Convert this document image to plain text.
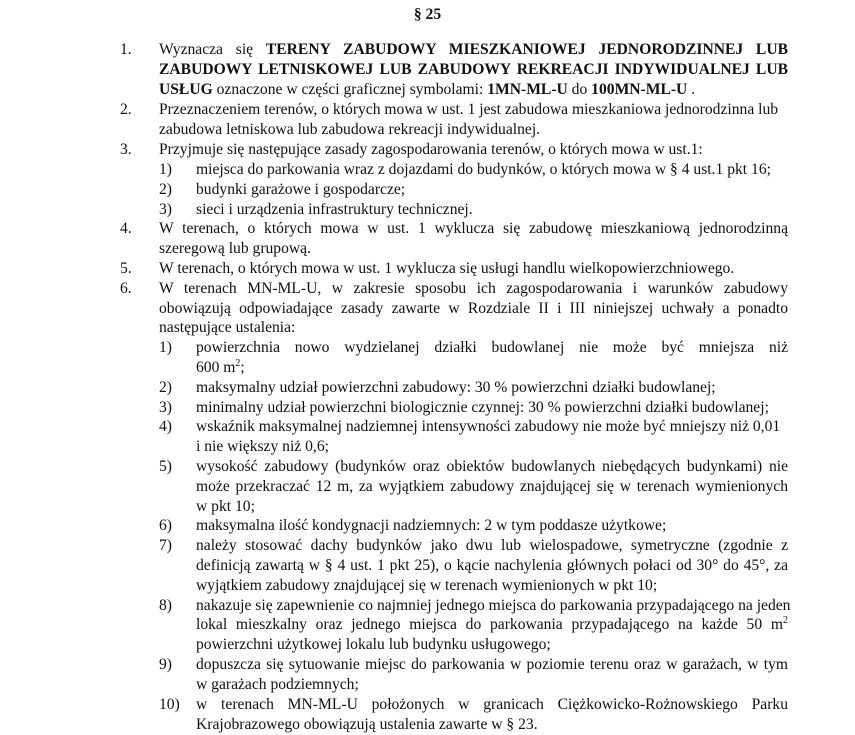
§ 25
1. Wyznacza się TERENY ZABUDOWY MIESZKANIOWEJ JEDNORODZINNEJ LUB
ZABUDOWY LETNISKOWEJ LUB ZABUDOWY REKREACJI INDYWIDUALNEJ LUB
USŁUG oznaczone w części graficznej symbolami: 1MN-ML-U do 100MN-ML-U .
2. Przeznaczeniem terenów, o których mowa w ust. 1 jest zabudowa mieszkaniowa jednorodzinna lub
zabudowa letniskowa lub zabudowa rekreacji indywidualnej.
3. Przyjmuje się następujące zasady zagospodarowania terenów, o których mowa w ust.1:
1) miejsca do parkowania wraz z dojazdami do budynków, o których mowa w § 4 ust.1 pkt 16;
2) budynki garażowe i gospodarcze;
3) sieci i urządzenia infrastruktury technicznej.
4. W terenach, o których mowa w ust. 1 wyklucza się zabudowę mieszkaniową jednorodzinną
szeregową lub grupową.
5. W terenach, o których mowa w ust. 1 wyklucza się usługi handlu wielkopowierzchniowego.
6. W terenach MN-ML-U, w zakresie sposobu ich zagospodarowania i warunków zabudowy
obowiązują odpowiadające zasady zawarte w Rozdziale II i III niniejszej uchwały a ponadto
następujące ustalenia:
1) powierzchnia nowo wydzielanej działki budowlanej nie może być mniejsza niż
600 $m^2$;
2) maksymalny udział powierzchni zabudowy: 30 % powierzchni działki budowlanej;
3) minimalny udział powierzchni biologicznie czynnej: 30 % powierzchni działki budowlanej;
4) wskaźnik maksymalnej nadziemnej intensywności zabudowy nie może być mniejszy niż 0,01
i nie większy niż 0,6;
5) wysokość zabudowy (budynków oraz obiektów budowlanych niebędących budynkami) nie
może przekraczać 12 m, za wyjątkiem zabudowy znajdującej się w terenach wymienionych
w pkt 10;
6) maksymalna ilość kondygnacji nadziemnych: 2 w tym poddasze użytkowe;
7) należy stosować dachy budynków jako dwu lub wielospadowe, symetryczne (zgodnie z
definicją zawartą w § 4 ust. 1 pkt 25), o kącie nachylenia głównych połaci od 30° do 45°, za
wyjątkiem zabudowy znajdującej się w terenach wymienionych w pkt 10;
8) nakazuje się zapewnienie co najmniej jednego miejsca do parkowania przypadającego na jeden
lokal mieszkalny oraz jednego miejsca do parkowania przypadającego na każde 50 $m^2$
powierzchni użytkowej lokalu lub budynku usługowego;
9) dopuszcza się sytuowanie miejsc do parkowania w poziomie terenu oraz w garażach, w tym
w garażach podziemnych;
10) w terenach MN-ML-U położonych w granicach Ciężkowicko-Rożnowskiego Parku
Krajobrazowego obowiązują ustalenia zawarte w § 23.
